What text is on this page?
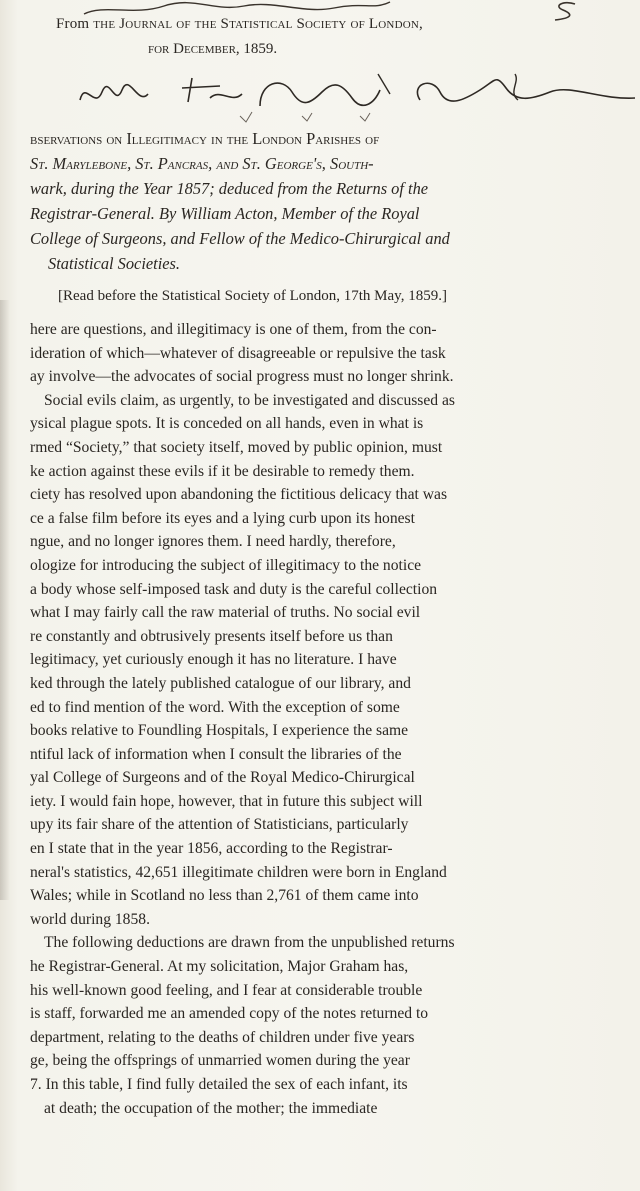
From the Journal of the Statistical Society of London,
for December, 1859.
bservations on Illegitimacy in the London Parishes of
St. Marylebone, St. Pancras, and St. George's, South-
wark, during the Year 1857; deduced from the Returns of the
Registrar-General. By William Acton, Member of the Royal
College of Surgeons, and Fellow of the Medico-Chirurgical and
Statistical Societies.
[Read before the Statistical Society of London, 17th May, 1859.]
here are questions, and illegitimacy is one of them, from the con-
ideration of which—whatever of disagreeable or repulsive the task
ay involve—the advocates of social progress must no longer shrink.
Social evils claim, as urgently, to be investigated and discussed as
ysical plague spots. It is conceded on all hands, even in what is
rmed “Society,” that society itself, moved by public opinion, must
ke action against these evils if it be desirable to remedy them.
ciety has resolved upon abandoning the fictitious delicacy that was
ce a false film before its eyes and a lying curb upon its honest
ngue, and no longer ignores them. I need hardly, therefore,
ologize for introducing the subject of illegitimacy to the notice
a body whose self-imposed task and duty is the careful collection
what I may fairly call the raw material of truths. No social evil
re constantly and obtrusively presents itself before us than
legitimacy, yet curiously enough it has no literature. I have
ked through the lately published catalogue of our library, and
ed to find mention of the word. With the exception of some
books relative to Foundling Hospitals, I experience the same
ntiful lack of information when I consult the libraries of the
yal College of Surgeons and of the Royal Medico-Chirurgical
iety. I would fain hope, however, that in future this subject will
upy its fair share of the attention of Statisticians, particularly
en I state that in the year 1856, according to the Registrar-
neral's statistics, 42,651 illegitimate children were born in England
Wales; while in Scotland no less than 2,761 of them came into
world during 1858.
The following deductions are drawn from the unpublished returns
he Registrar-General. At my solicitation, Major Graham has,
his well-known good feeling, and I fear at considerable trouble
is staff, forwarded me an amended copy of the notes returned to
department, relating to the deaths of children under five years
ge, being the offsprings of unmarried women during the year
7. In this table, I find fully detailed the sex of each infant, its
at death; the occupation of the mother; the immediate
